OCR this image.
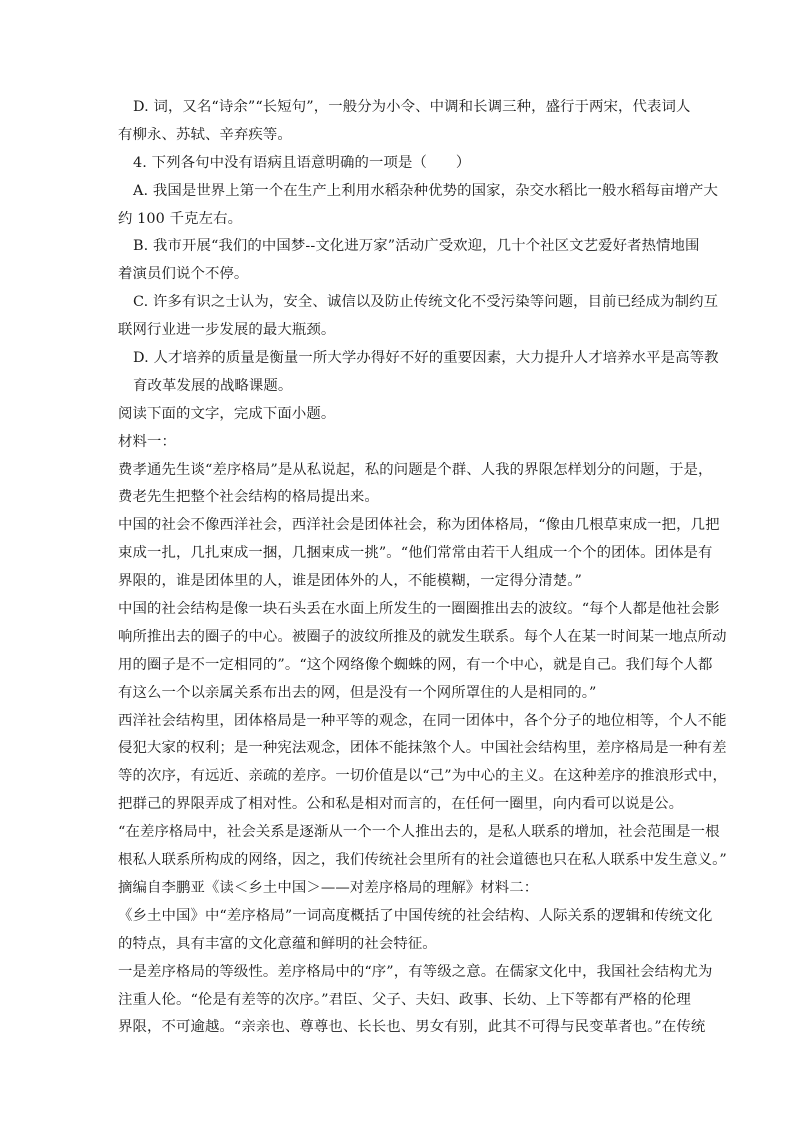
D. 词，又名“诗余”“长短句”，一般分为小令、中调和长调三种，盛行于两宋，代表词人
有柳永、苏轼、辛弃疾等。
4. 下列各句中没有语病且语意明确的一项是（　　）
A. 我国是世界上第一个在生产上利用水稻杂种优势的国家，杂交水稻比一般水稻每亩增产大
约 100 千克左右。
B. 我市开展“我们的中国梦--文化进万家”活动广受欢迎，几十个社区文艺爱好者热情地围
着演员们说个不停。
C. 许多有识之士认为，安全、诚信以及防止传统文化不受污染等问题，目前已经成为制约互
联网行业进一步发展的最大瓶颈。
D. 人才培养的质量是衡量一所大学办得好不好的重要因素，大力提升人才培养水平是高等教
育改革发展的战略课题。
阅读下面的文字，完成下面小题。
材料一：
费孝通先生谈“差序格局”是从私说起，私的问题是个群、人我的界限怎样划分的问题，于是，
费老先生把整个社会结构的格局提出来。
中国的社会不像西洋社会，西洋社会是团体社会，称为团体格局，“像由几根草束成一把，几把
束成一扎，几扎束成一捆，几捆束成一挑”。“他们常常由若干人组成一个个的团体。团体是有
界限的，谁是团体里的人，谁是团体外的人，不能模糊，一定得分清楚。”
中国的社会结构是像一块石头丢在水面上所发生的一圈圈推出去的波纹。“每个人都是他社会影
响所推出去的圈子的中心。被圈子的波纹所推及的就发生联系。每个人在某一时间某一地点所动
用的圈子是不一定相同的”。“这个网络像个蜘蛛的网，有一个中心，就是自己。我们每个人都
有这么一个以亲属关系布出去的网，但是没有一个网所罩住的人是相同的。”
西洋社会结构里，团体格局是一种平等的观念，在同一团体中，各个分子的地位相等，个人不能
侵犯大家的权利；是一种宪法观念，团体不能抹煞个人。中国社会结构里，差序格局是一种有差
等的次序，有远近、亲疏的差序。一切价值是以“己”为中心的主义。在这种差序的推浪形式中，
把群己的界限弄成了相对性。公和私是相对而言的，在任何一圈里，向内看可以说是公。
“在差序格局中，社会关系是逐渐从一个一个人推出去的，是私人联系的增加，社会范围是一根
根私人联系所构成的网络，因之，我们传统社会里所有的社会道德也只在私人联系中发生意义。”
摘编自李鹏亚《读＜乡土中国＞——对差序格局的理解》材料二：
《乡土中国》中“差序格局”一词高度概括了中国传统的社会结构、人际关系的逻辑和传统文化
的特点，具有丰富的文化意蕴和鲜明的社会特征。
一是差序格局的等级性。差序格局中的“序”，有等级之意。在儒家文化中，我国社会结构尤为
注重人伦。“伦是有差等的次序。”君臣、父子、夫妇、政事、长幼、上下等都有严格的伦理
界限，不可逾越。“亲亲也、尊尊也、长长也、男女有别，此其不可得与民变革者也。”在传统
